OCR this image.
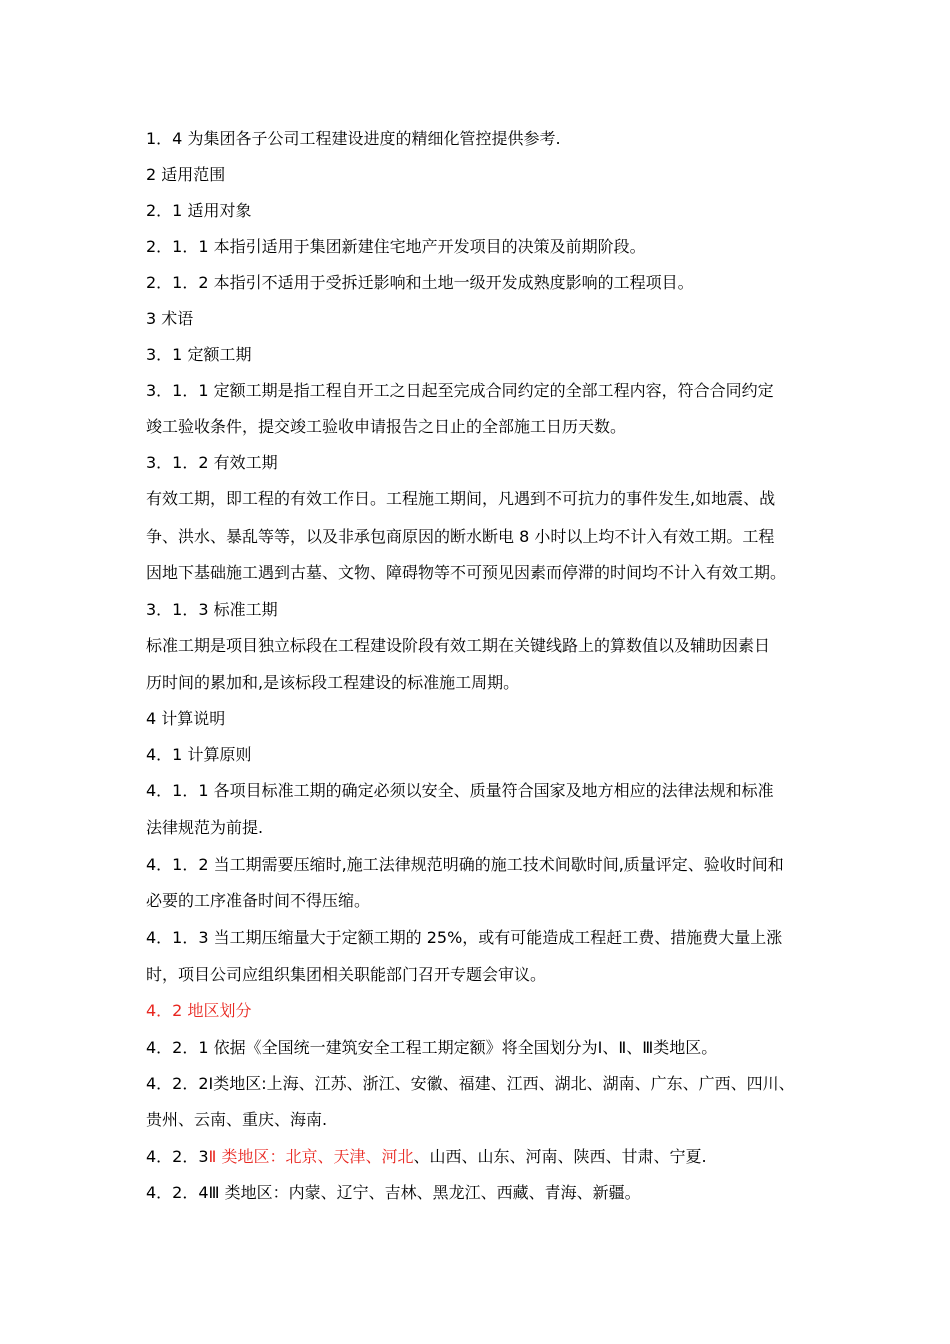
1．4 为集团各子公司工程建设进度的精细化管控提供参考.
2 适用范围
2．1 适用对象
2．1．1 本指引适用于集团新建住宅地产开发项目的决策及前期阶段。
2．1．2 本指引不适用于受拆迁影响和土地一级开发成熟度影响的工程项目。
3 术语
3．1 定额工期
3．1．1 定额工期是指工程自开工之日起至完成合同约定的全部工程内容，符合合同约定
竣工验收条件，提交竣工验收申请报告之日止的全部施工日历天数。
3．1．2 有效工期
有效工期，即工程的有效工作日。工程施工期间，凡遇到不可抗力的事件发生,如地震、战
争、洪水、暴乱等等，以及非承包商原因的断水断电 8 小时以上均不计入有效工期。工程
因地下基础施工遇到古墓、文物、障碍物等不可预见因素而停滞的时间均不计入有效工期。
3．1．3 标准工期
标准工期是项目独立标段在工程建设阶段有效工期在关键线路上的算数值以及辅助因素日
历时间的累加和,是该标段工程建设的标准施工周期。
4 计算说明
4．1 计算原则
4．1．1 各项目标准工期的确定必须以安全、质量符合国家及地方相应的法律法规和标准
法律规范为前提.
4．1．2 当工期需要压缩时,施工法律规范明确的施工技术间歇时间,质量评定、验收时间和
必要的工序准备时间不得压缩。
4．1．3 当工期压缩量大于定额工期的 25%，或有可能造成工程赶工费、措施费大量上涨
时，项目公司应组织集团相关职能部门召开专题会审议。
4．2 地区划分
4．2．1 依据《全国统一建筑安全工程工期定额》将全国划分为Ⅰ、Ⅱ、Ⅲ类地区。
4．2．2Ⅰ类地区:上海、江苏、浙江、安徽、福建、江西、湖北、湖南、广东、广西、四川、
贵州、云南、重庆、海南.
4．2．3Ⅱ 类地区：北京、天津、河北、山西、山东、河南、陕西、甘肃、宁夏.
4．2．4Ⅲ 类地区：内蒙、辽宁、吉林、黑龙江、西藏、青海、新疆。
